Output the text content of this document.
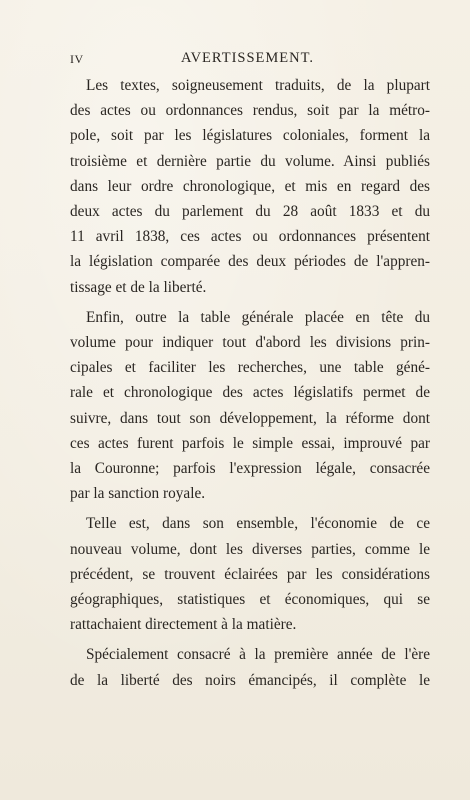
IV	AVERTISSEMENT.
Les textes, soigneusement traduits, de la plupart
des actes ou ordonnances rendus, soit par la métro-
pole, soit par les législatures coloniales, forment la
troisième et dernière partie du volume. Ainsi publiés
dans leur ordre chronologique, et mis en regard des
deux actes du parlement du 28 août 1833 et du
11 avril 1838, ces actes ou ordonnances présentent
la législation comparée des deux périodes de l'appren-
tissage et de la liberté.
Enfin, outre la table générale placée en tête du
volume pour indiquer tout d'abord les divisions prin-
cipales et faciliter les recherches, une table géné-
rale et chronologique des actes législatifs permet de
suivre, dans tout son développement, la réforme dont
ces actes furent parfois le simple essai, improuvé par
la Couronne; parfois l'expression légale, consacrée
par la sanction royale.
Telle est, dans son ensemble, l'économie de ce
nouveau volume, dont les diverses parties, comme le
précédent, se trouvent éclairées par les considérations
géographiques, statistiques et économiques, qui se
rattachaient directement à la matière.
Spécialement consacré à la première année de l'ère
de la liberté des noirs émancipés, il complète le
